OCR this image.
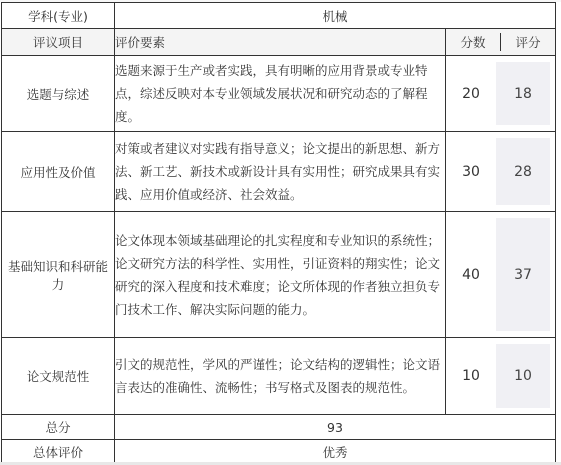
学科(专业)	机械	
评议项目	评价要素	分数 评分

选题与综述	选题来源于生产或者实践，具有明晰的应用背景或专业特点，综述反映对本专业领域发展状况和研究动态的了解程度。	20 18

应用性及价值	对策或者建议对实践有指导意义；论文提出的新思想、新方法、新工艺、新技术或新设计具有实用性；研究成果具有实践、应用价值或经济、社会效益。	30 28

基础知识和科研能力	论文体现本领域基础理论的扎实程度和专业知识的系统性；论文研究方法的科学性、实用性，引证资料的翔实性；论文研究的深入程度和技术难度；论文所体现的作者独立担负专门技术工作、解决实际问题的能力。	40 37

论文规范性	引文的规范性，学风的严谨性；论文结构的逻辑性；论文语言表达的准确性、流畅性；书写格式及图表的规范性。	10 10

总分	93	
总体评价	优秀	
